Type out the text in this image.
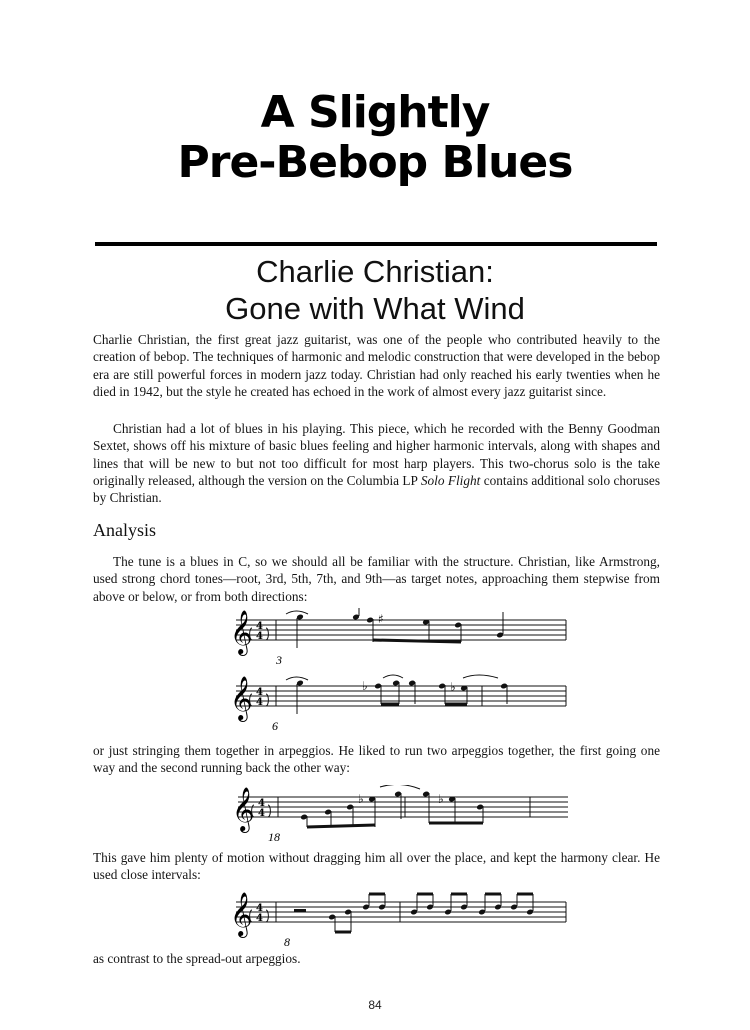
A Slightly
Pre-Bebop Blues
Charlie Christian:
Gone with What Wind

Charlie Christian, the first great jazz guitarist, was one of the people who contributed heavily to the creation of bebop. The techniques of harmonic and melodic construction that were developed in the bebop era are still powerful forces in modern jazz today. Christian had only reached his early twenties when he died in 1942, but the style he created has echoed in the work of almost every jazz guitarist since.

Christian had a lot of blues in his playing. This piece, which he recorded with the Benny Goodman Sextet, shows off his mixture of basic blues feeling and higher harmonic intervals, along with shapes and lines that will be new to but not too difficult for most harp players. This two-chorus solo is the take originally released, although the version on the Columbia LP Solo Flight contains additional solo choruses by Christian.

Analysis

The tune is a blues in C, so we should all be familiar with the structure. Christian, like Armstrong, used strong chord tones—root, 3rd, 5th, 7th, and 9th—as target notes, approaching them stepwise from above or below, or from both directions:

𝄞 4
4
♯
3
𝄞 4
4
♭	♭
6

or just stringing them together in arpeggios. He liked to run two arpeggios together, the first going one way and the second running back the other way:

𝄞 4
4
♭	♭
18

This gave him plenty of motion without dragging him all over the place, and kept the harmony clear. He used close intervals:

𝄞 4
4
8

as contrast to the spread-out arpeggios.

84
